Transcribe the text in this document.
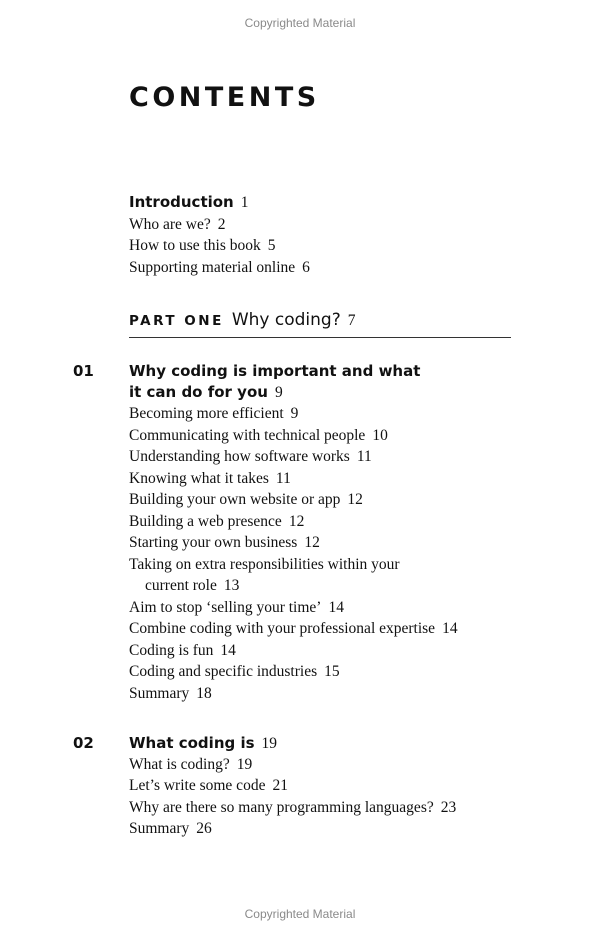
Copyrighted Material
CONTENTS
Introduction 1
Who are we? 2
How to use this book 5
Supporting material online 6
PART ONE Why coding? 7
01 Why coding is important and what
it can do for you 9
Becoming more efficient 9
Communicating with technical people 10
Understanding how software works 11
Knowing what it takes 11
Building your own website or app 12
Building a web presence 12
Starting your own business 12
Taking on extra responsibilities within your
current role 13
Aim to stop ‘selling your time’ 14
Combine coding with your professional expertise 14
Coding is fun 14
Coding and specific industries 15
Summary 18
02 What coding is 19
What is coding? 19
Let’s write some code 21
Why are there so many programming languages? 23
Summary 26
Copyrighted Material
